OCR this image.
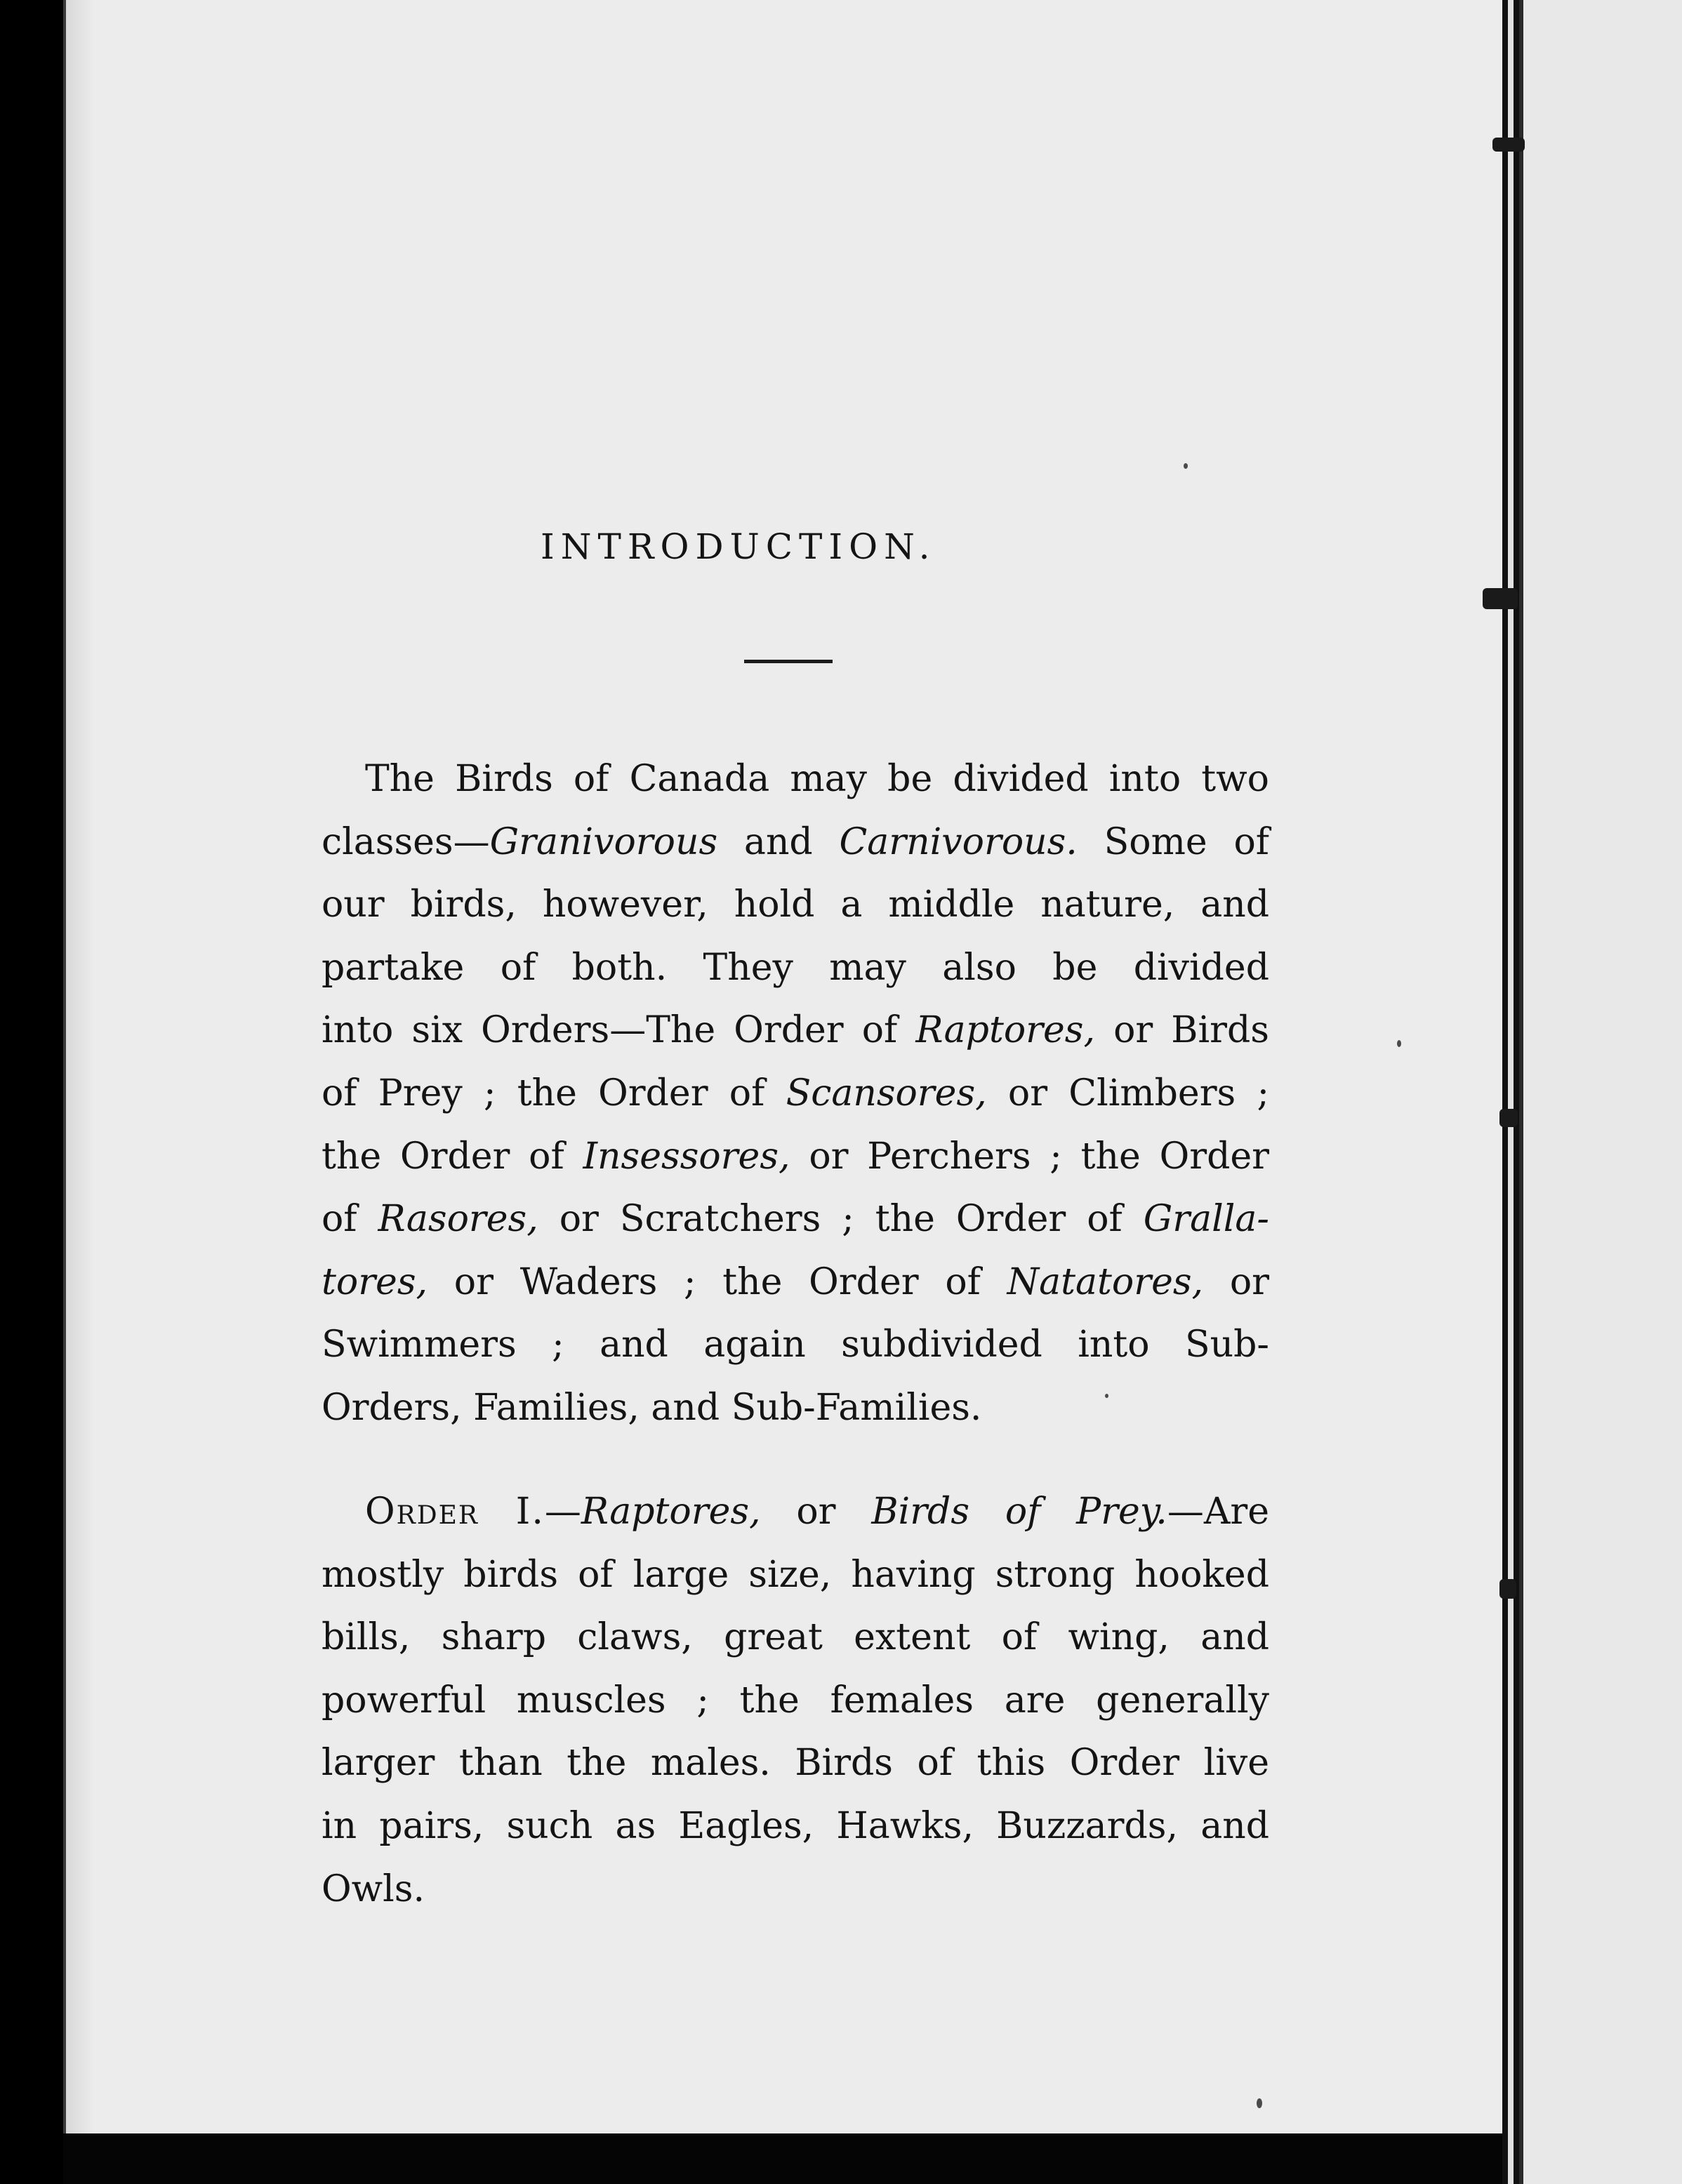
INTRODUCTION.
The Birds of Canada may be divided into two
classes—Granivorous and Carnivorous. Some of
our birds, however, hold a middle nature, and
partake of both. They may also be divided
into six Orders—The Order of Raptores, or Birds
of Prey ; the Order of Scansores, or Climbers ;
the Order of Insessores, or Perchers ; the Order
of Rasores, or Scratchers ; the Order of Gralla-
tores, or Waders ; the Order of Natatores, or
Swimmers ; and again subdivided into Sub-
Orders, Families, and Sub-Families.
Order I.—Raptores, or Birds of Prey.—Are
mostly birds of large size, having strong hooked
bills, sharp claws, great extent of wing, and
powerful muscles ; the females are generally
larger than the males. Birds of this Order live
in pairs, such as Eagles, Hawks, Buzzards, and
Owls.
